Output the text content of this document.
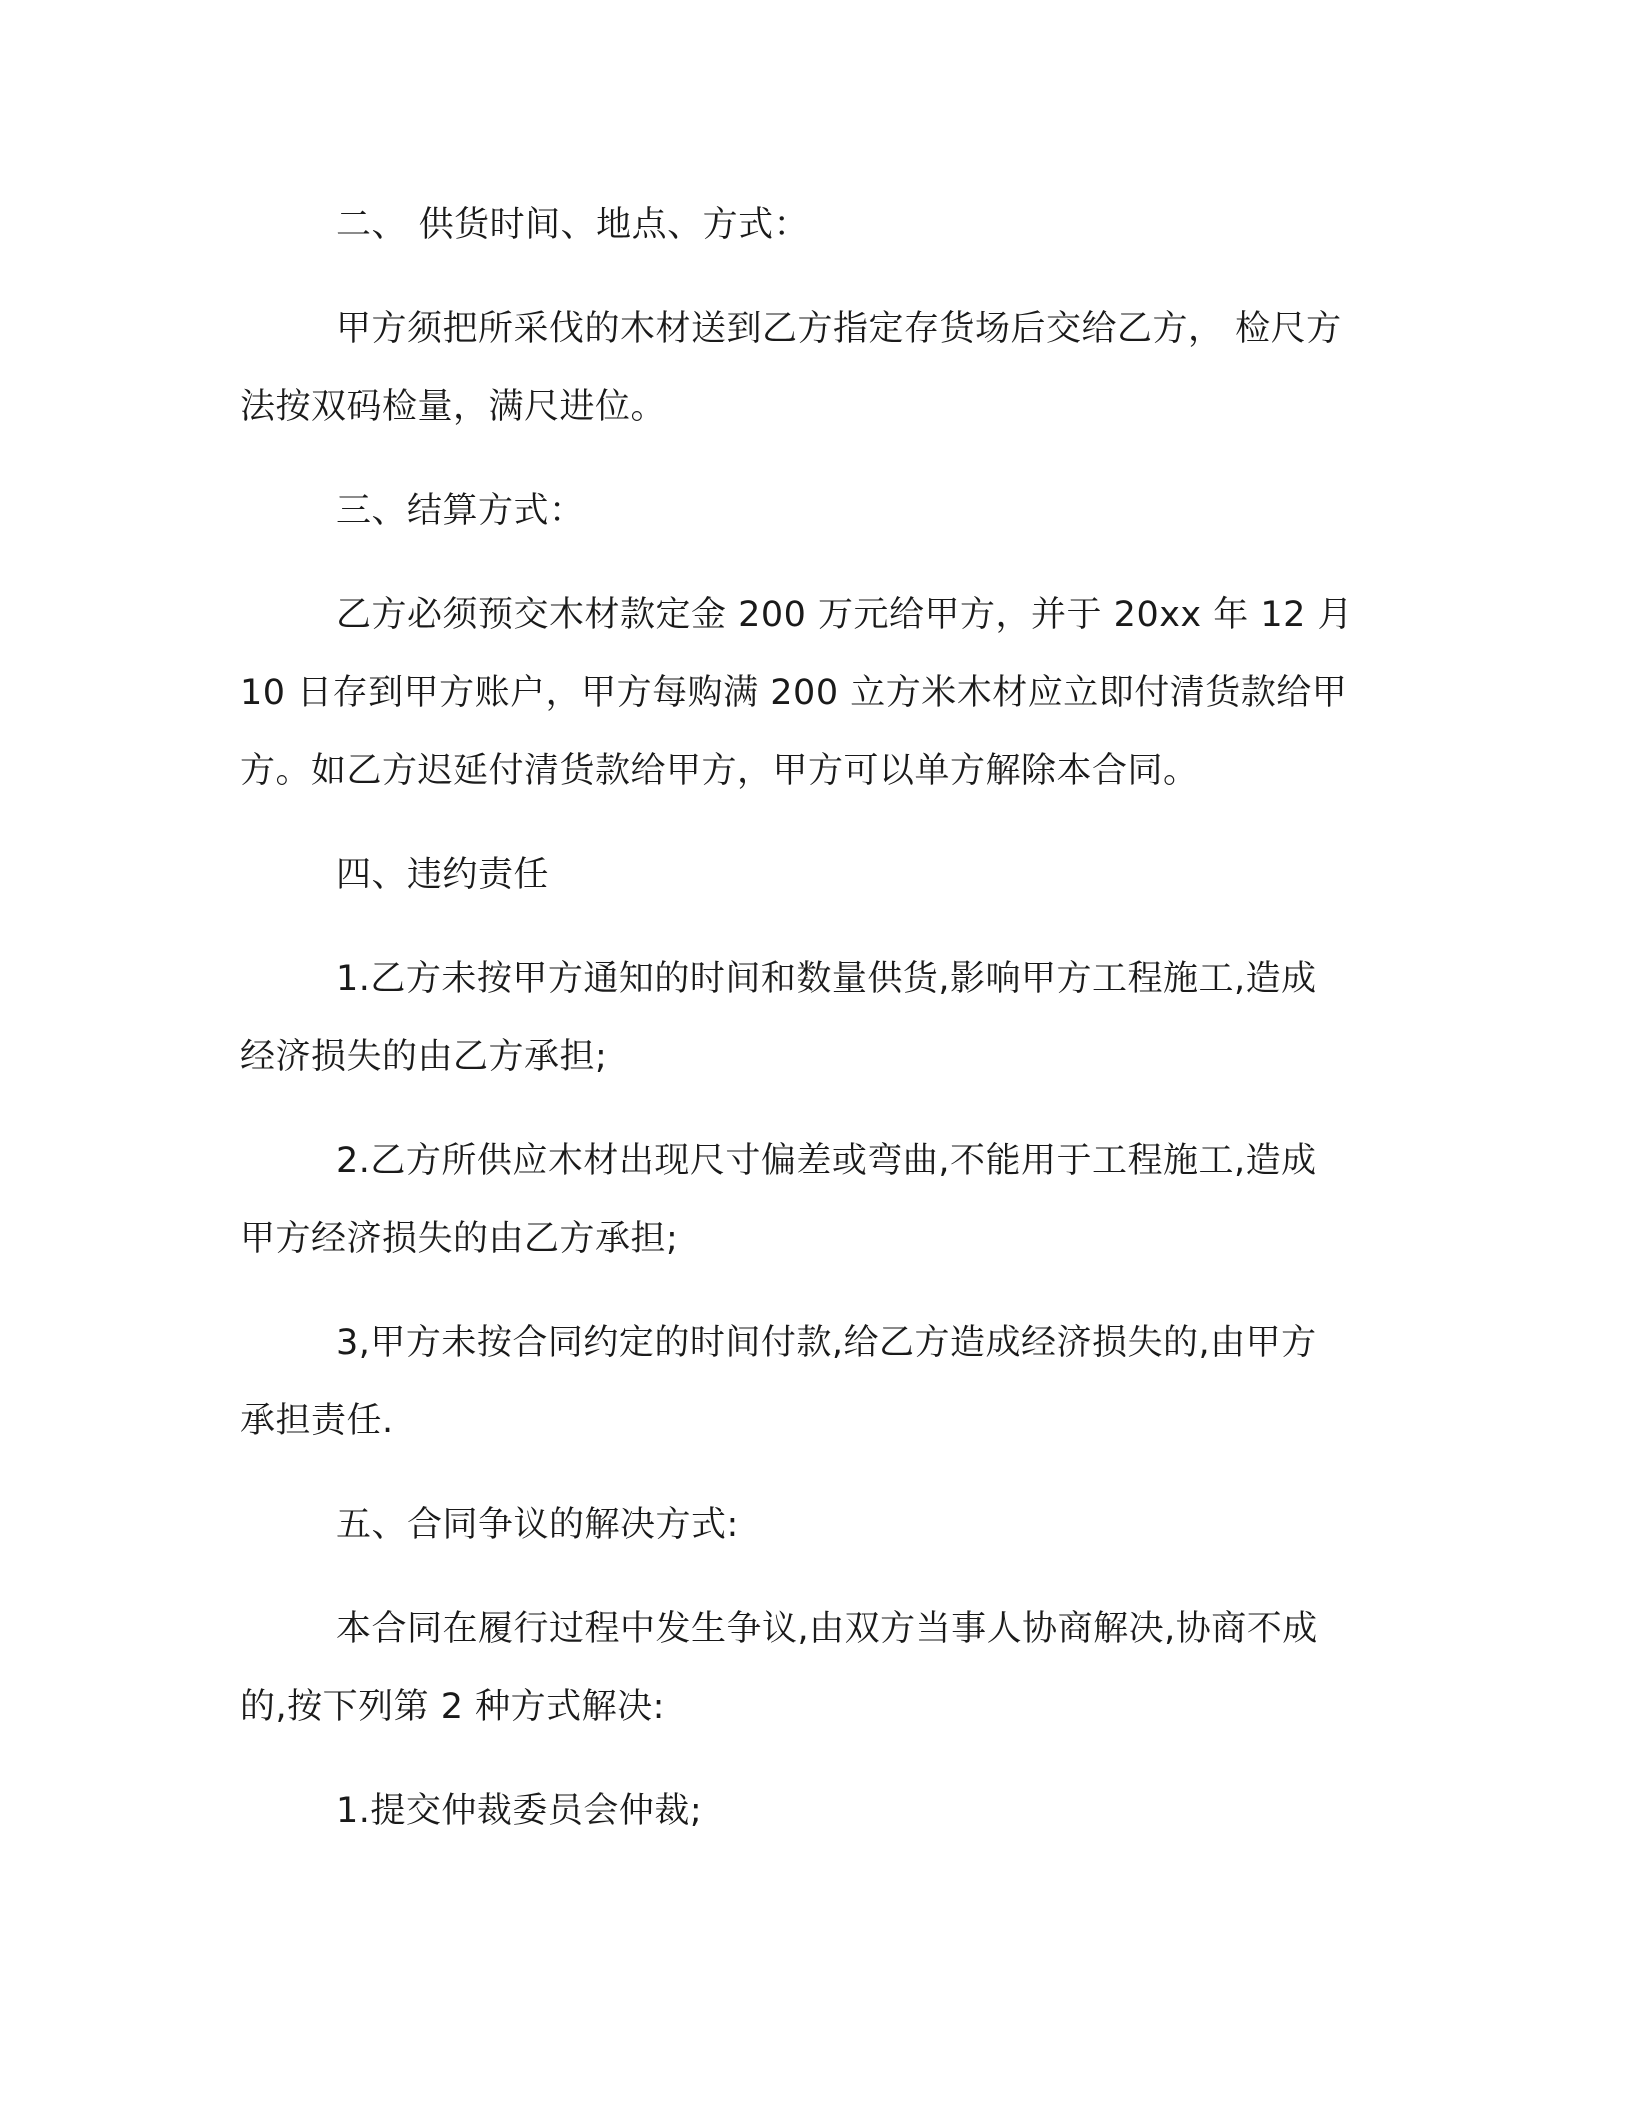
二、 供货时间、地点、方式：
甲方须把所采伐的木材送到乙方指定存货场后交给乙方， 检尺方
法按双码检量，满尺进位。
三、结算方式：
乙方必须预交木材款定金 200 万元给甲方，并于 20xx 年 12 月
10 日存到甲方账户，甲方每购满 200 立方米木材应立即付清货款给甲
方。如乙方迟延付清货款给甲方，甲方可以单方解除本合同。
四、违约责任
1.乙方未按甲方通知的时间和数量供货,影响甲方工程施工,造成
经济损失的由乙方承担;
2.乙方所供应木材出现尺寸偏差或弯曲,不能用于工程施工,造成
甲方经济损失的由乙方承担;
3,甲方未按合同约定的时间付款,给乙方造成经济损失的,由甲方
承担责任.
五、合同争议的解决方式:
本合同在履行过程中发生争议,由双方当事人协商解决,协商不成
的,按下列第 2 种方式解决:
1.提交仲裁委员会仲裁;
